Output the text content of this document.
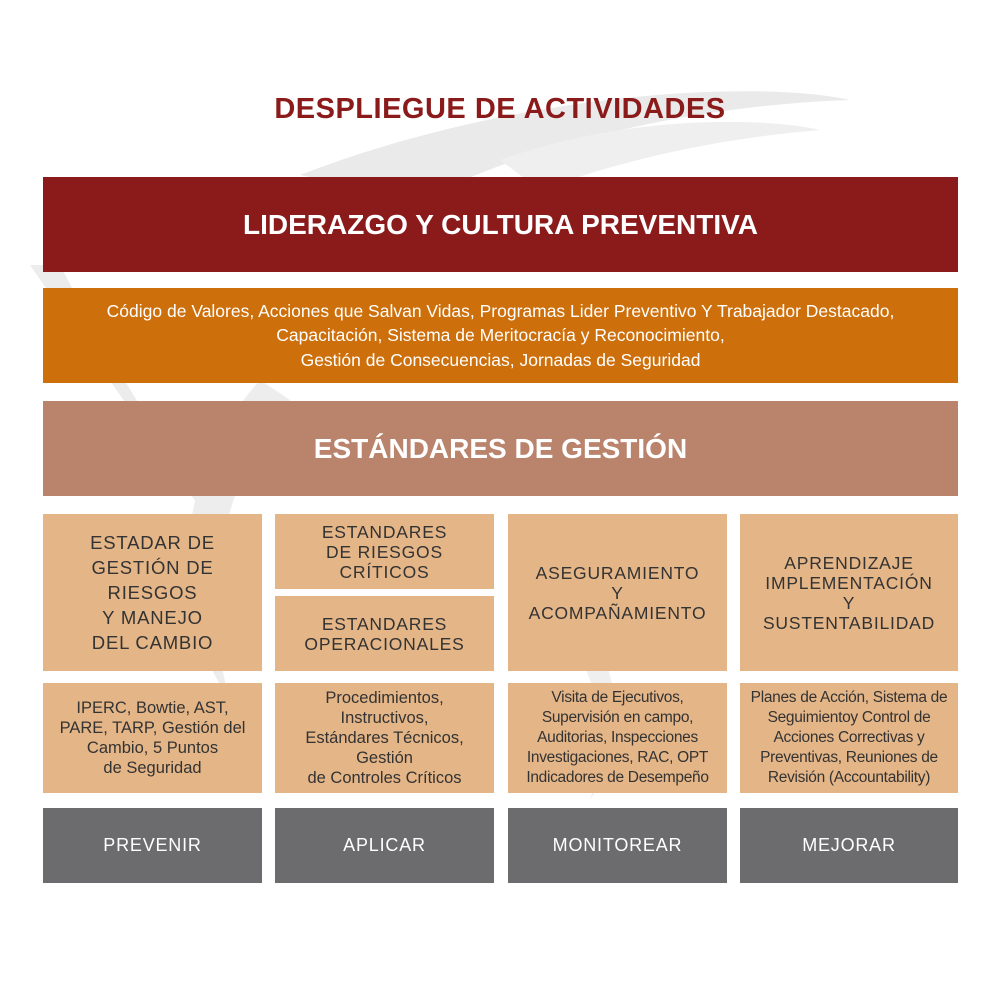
DESPLIEGUE DE ACTIVIDADES
LIDERAZGO Y CULTURA PREVENTIVA
Código de Valores, Acciones que Salvan Vidas, Programas Lider Preventivo Y Trabajador Destacado,
Capacitación, Sistema de Meritocracía y Reconocimiento,
Gestión de Consecuencias, Jornadas de Seguridad
ESTÁNDARES DE GESTIÓN
ESTADAR DE
GESTIÓN DE
RIESGOS
Y MANEJO
DEL CAMBIO
IPERC, Bowtie, AST,
PARE, TARP, Gestión del
Cambio, 5 Puntos
de Seguridad
PREVENIR
ESTANDARES
DE RIESGOS
CRÍTICOS
ESTANDARES
OPERACIONALES
Procedimientos,
Instructivos,
Estándares Técnicos,
Gestión
de Controles Críticos
APLICAR
ASEGURAMIENTO
Y
ACOMPAÑAMIENTO
Visita de Ejecutivos,
Supervisión en campo,
Auditorias, Inspecciones
Investigaciones, RAC, OPT
Indicadores de Desempeño
MONITOREAR
APRENDIZAJE
IMPLEMENTACIÓN
Y
SUSTENTABILIDAD
Planes de Acción, Sistema de
Seguimientoy Control de
Acciones Correctivas y
Preventivas, Reuniones de
Revisión (Accountability)
MEJORAR
